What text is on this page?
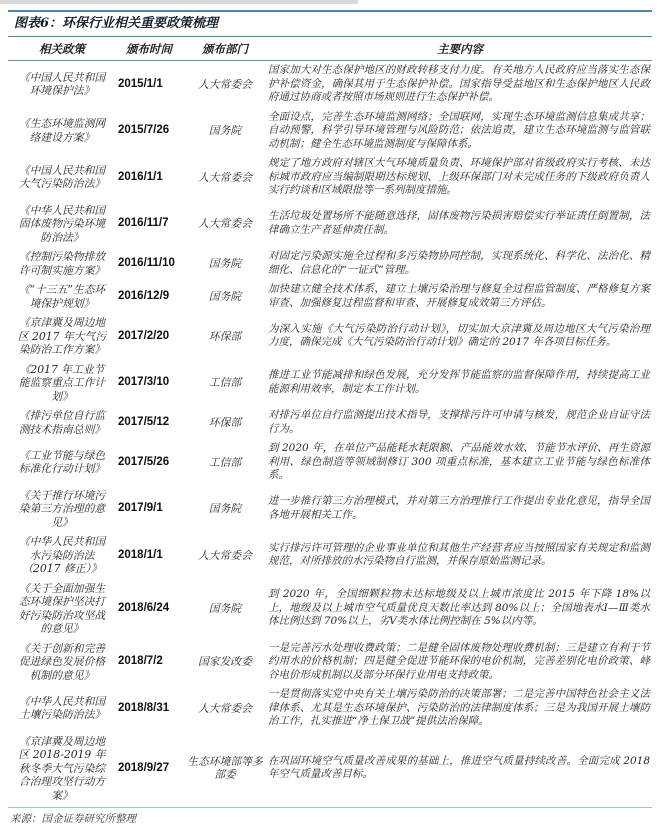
图表6：环保行业相关重要政策梳理
相关政策	颁布时间	颁布部门	主要内容
《中国人民共和国环境保护法》	2015/1/1	人大常委会	国家加大对生态保护地区的财政转移支付力度。有关地方人民政府应当落实生态保护补偿资金，确保其用于生态保护补偿。国家指导受益地区和生态保护地区人民政府通过协商或者按照市场规则进行生态保护补偿。
《生态环境监测网络建设方案》	2015/7/26	国务院	全面设点，完善生态环境监测网络；全国联网，实现生态环境监测信息集成共享；自动预警，科学引导环境管理与风险防范；依法追责，建立生态环境监测与监管联动机制；健全生态环境监测制度与保障体系。
《中国人民共和国大气污染防治法》	2016/1/1	人大常委会	规定了地方政府对辖区大气环境质量负责、环境保护部对省级政府实行考核、未达标城市政府应当编制限期达标规划、上级环保部门对未完成任务的下级政府负责人实行约谈和区域限批等一系列制度措施。
《中华人民共和国固体废物污染环境防治法》	2016/11/7	人大常委会	生活垃圾处置场所不能随意选择，固体废物污染损害赔偿实行举证责任倒置制，法律确立生产者延伸责任制。
《控制污染物排放许可制实施方案》	2016/11/10	国务院	对固定污染源实施全过程和多污染物协同控制，实现系统化、科学化、法治化、精细化、信息化的“一证式”管理。
《“十三五”生态环境保护规划》	2016/12/9	国务院	加快建立健全技术体系、建立土壤污染治理与修复全过程监管制度、严格修复方案审查、加强修复过程监督和审查、开展修复成效第三方评估。
《京津冀及周边地区 2017 年大气污染防治工作方案》	2017/2/20	环保部	为深入实施《大气污染防治行动计划》，切实加大京津冀及周边地区大气污染治理力度，确保完成《大气污染防治行动计划》确定的 2017 年各项目标任务。
《2017 年工业节能监察重点工作计划》	2017/3/10	工信部	推进工业节能减排和绿色发展，充分发挥节能监察的监督保障作用，持续提高工业能源利用效率，制定本工作计划。
《排污单位自行监测技术指南总则》	2017/5/12	环保部	对排污单位自行监测提出技术指导，支撑排污许可申请与核发，规范企业自证守法行为。
《工业节能与绿色标准化行动计划》	2017/5/26	工信部	到 2020 年，在单位产品能耗水耗限额、产品能效水效、节能节水评价、再生资源利用、绿色制造等领域制修订 300 项重点标准，基本建立工业节能与绿色标准体系。
《关于推行环境污染第三方治理的意见》	2017/9/1	国务院	进一步推行第三方治理模式，并对第三方治理推行工作提出专业化意见，指导全国各地开展相关工作。
《中华人民共和国水污染防治法（2017 修正）》	2018/1/1	人大常委会	实行排污许可管理的企业事业单位和其他生产经营者应当按照国家有关规定和监测规范，对所排放的水污染物自行监测，并保存原始监测记录。
《关于全面加强生态环境保护坚决打好污染防治攻坚战的意见》	2018/6/24	国务院	到 2020 年，全国细颗粒物未达标地级及以上城市浓度比 2015 年下降 18%以上，地级及以上城市空气质量优良天数比率达到 80%以上；全国地表水Ⅰ—Ⅲ类水体比例达到 70%以上，劣Ⅴ类水体比例控制在 5%以内等。
《关于创新和完善促进绿色发展价格机制的意见》	2018/7/2	国家发改委	一是完善污水处理收费政策；二是健全固体废物处理收费机制；三是建立有利于节约用水的价格机制；四是健全促进节能环保的电价机制，完善差别化电价政策、峰谷电价形成机制以及部分环保行业用电支持政策。
《中华人民共和国土壤污染防治法》	2018/8/31	人大常委会	一是贯彻落实党中央有关土壤污染防治的决策部署；二是完善中国特色社会主义法律体系、尤其是生态环境保护、污染防治的法律制度体系；三是为我国开展土壤防治工作，扎实推进“净土保卫战”提供法治保障。
《京津冀及周边地区 2018-2019 年秋冬季大气污染综合治理攻坚行动方案》	2018/9/27	生态环境部等多部委	在巩固环境空气质量改善成果的基础上，推进空气质量持续改善。全面完成 2018 年空气质量改善目标。
来源：国金证券研究所整理
